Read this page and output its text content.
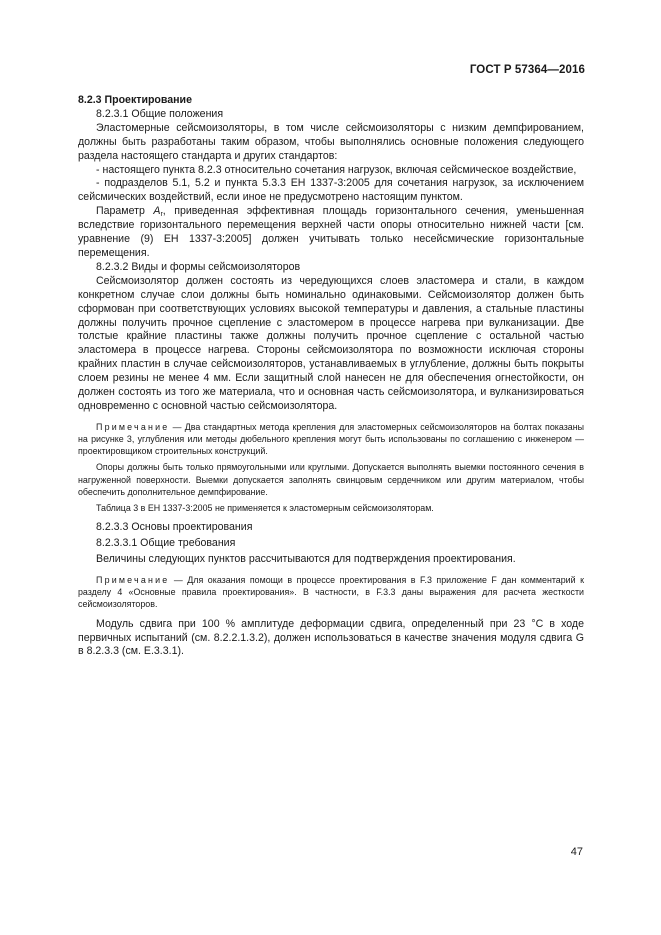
ГОСТ Р 57364—2016

8.2.3 Проектирование

8.2.3.1 Общие положения

Эластомерные сейсмоизоляторы, в том числе сейсмоизоляторы с низким демпфированием, должны быть разработаны таким образом, чтобы выполнялись основные положения следующего раздела настоящего стандарта и других стандартов:

- настоящего пункта 8.2.3 относительно сочетания нагрузок, включая сейсмическое воздействие,

- подразделов 5.1, 5.2 и пункта 5.3.3 ЕН 1337-3:2005 для сочетания нагрузок, за исключением сейсмических воздействий, если иное не предусмотрено настоящим пунктом.

Параметр $A_r$, приведенная эффективная площадь горизонтального сечения, уменьшенная вследствие горизонтального перемещения верхней части опоры относительно нижней части [см. уравнение (9) ЕН 1337-3:2005] должен учитывать только несейсмические горизонтальные перемещения.

8.2.3.2 Виды и формы сейсмоизоляторов

Сейсмоизолятор должен состоять из чередующихся слоев эластомера и стали, в каждом конкретном случае слои должны быть номинально одинаковыми. Сейсмоизолятор должен быть сформован при соответствующих условиях высокой температуры и давления, а стальные пластины должны получить прочное сцепление с эластомером в процессе нагрева при вулканизации. Две толстые крайние пластины также должны получить прочное сцепление с остальной частью эластомера в процессе нагрева. Стороны сейсмоизолятора по возможности исключая стороны крайних пластин в случае сейсмоизоляторов, устанавливаемых в углубление, должны быть покрыты слоем резины не менее 4 мм. Если защитный слой нанесен не для обеспечения огнестойкости, он должен состоять из того же материала, что и основная часть сейсмоизолятора, и вулканизироваться одновременно с основной частью сейсмоизолятора.

Примечание — Два стандартных метода крепления для эластомерных сейсмоизоляторов на болтах показаны на рисунке 3, углубления или методы дюбельного крепления могут быть использованы по соглашению с инженером — проектировщиком строительных конструкций.

Опоры должны быть только прямоугольными или круглыми. Допускается выполнять выемки постоянного сечения в нагруженной поверхности. Выемки допускается заполнять свинцовым сердечником или другим материалом, чтобы обеспечить дополнительное демпфирование.

Таблица 3 в ЕН 1337-3:2005 не применяется к эластомерным сейсмоизоляторам.

8.2.3.3 Основы проектирования

8.2.3.3.1 Общие требования

Величины следующих пунктов рассчитываются для подтверждения проектирования.

Примечание — Для оказания помощи в процессе проектирования в F.3 приложение F дан комментарий к разделу 4 «Основные правила проектирования». В частности, в F.3.3 даны выражения для расчета жесткости сейсмоизоляторов.

Модуль сдвига при 100 % амплитуде деформации сдвига, определенный при 23 °С в ходе первичных испытаний (см. 8.2.2.1.3.2), должен использоваться в качестве значения модуля сдвига G в 8.2.3.3 (см. Е.3.3.1).

47
